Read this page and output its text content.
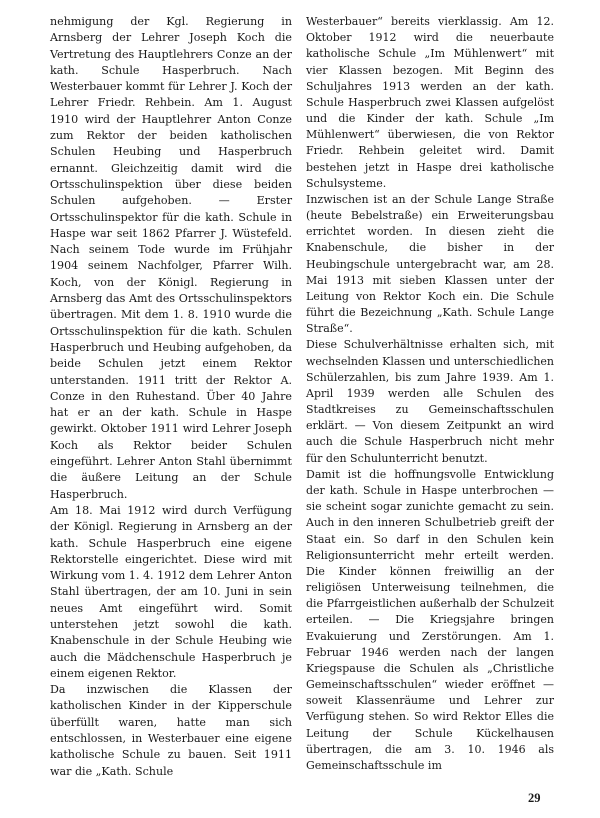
nehmigung der Kgl. Regierung in Arnsberg der Lehrer Joseph Koch die Vertretung des Hauptlehrers Conze an der kath. Schule Hasperbruch. Nach Westerbauer kommt für Lehrer J. Koch der Lehrer Friedr. Rehbein. Am 1. August 1910 wird der Hauptlehrer Anton Conze zum Rektor der beiden katholischen Schulen Heubing und Hasperbruch ernannt. Gleichzeitig damit wird die Ortsschulinspektion über diese beiden Schulen aufgehoben. — Erster Ortsschulinspektor für die kath. Schule in Haspe war seit 1862 Pfarrer J. Wüstefeld. Nach seinem Tode wurde im Frühjahr 1904 seinem Nachfolger, Pfarrer Wilh. Koch, von der Königl. Regierung in Arnsberg das Amt des Ortsschulinspektors übertragen. Mit dem 1. 8. 1910 wurde die Ortsschulinspektion für die kath. Schulen Hasperbruch und Heubing aufgehoben, da beide Schulen jetzt einem Rektor unterstanden. 1911 tritt der Rektor A. Conze in den Ruhestand. Über 40 Jahre hat er an der kath. Schule in Haspe gewirkt. Oktober 1911 wird Lehrer Joseph Koch als Rektor beider Schulen eingeführt. Lehrer Anton Stahl übernimmt die äußere Leitung an der Schule Hasperbruch.

Am 18. Mai 1912 wird durch Verfügung der Königl. Regierung in Arnsberg an der kath. Schule Hasperbruch eine eigene Rektorstelle eingerichtet. Diese wird mit Wirkung vom 1. 4. 1912 dem Lehrer Anton Stahl übertragen, der am 10. Juni in sein neues Amt eingeführt wird. Somit unterstehen jetzt sowohl die kath. Knabenschule in der Schule Heubing wie auch die Mädchenschule Hasperbruch je einem eigenen Rektor.

Da inzwischen die Klassen der katholischen Kinder in der Kipperschule überfüllt waren, hatte man sich entschlossen, in Westerbauer eine eigene katholische Schule zu bauen. Seit 1911 war die „Kath. Schule

Westerbauer“ bereits vierklassig. Am 12. Oktober 1912 wird die neuerbaute katholische Schule „Im Mühlenwert“ mit vier Klassen bezogen. Mit Beginn des Schuljahres 1913 werden an der kath. Schule Hasperbruch zwei Klassen aufgelöst und die Kinder der kath. Schule „Im Mühlenwert“ überwiesen, die von Rektor Friedr. Rehbein geleitet wird. Damit bestehen jetzt in Haspe drei katholische Schulsysteme.

Inzwischen ist an der Schule Lange Straße (heute Bebelstraße) ein Erweiterungsbau errichtet worden. In diesen zieht die Knabenschule, die bisher in der Heubingschule untergebracht war, am 28. Mai 1913 mit sieben Klassen unter der Leitung von Rektor Koch ein. Die Schule führt die Bezeichnung „Kath. Schule Lange Straße“.

Diese Schulverhältnisse erhalten sich, mit wechselnden Klassen und unterschiedlichen Schülerzahlen, bis zum Jahre 1939. Am 1. April 1939 werden alle Schulen des Stadtkreises zu Gemeinschaftsschulen erklärt. — Von diesem Zeitpunkt an wird auch die Schule Hasperbruch nicht mehr für den Schulunterricht benutzt.

Damit ist die hoffnungsvolle Entwicklung der kath. Schule in Haspe unterbrochen — sie scheint sogar zunichte gemacht zu sein. Auch in den inneren Schulbetrieb greift der Staat ein. So darf in den Schulen kein Religionsunterricht mehr erteilt werden. Die Kinder können freiwillig an der religiösen Unterweisung teilnehmen, die die Pfarrgeistlichen außerhalb der Schulzeit erteilen. — Die Kriegsjahre bringen Evakuierung und Zerstörungen. Am 1. Februar 1946 werden nach der langen Kriegspause die Schulen als „Christliche Gemeinschaftsschulen“ wieder eröffnet — soweit Klassenräume und Lehrer zur Verfügung stehen. So wird Rektor Elles die Leitung der Schule Kückelhausen übertragen, die am 3. 10. 1946 als Gemeinschaftsschule im

29
